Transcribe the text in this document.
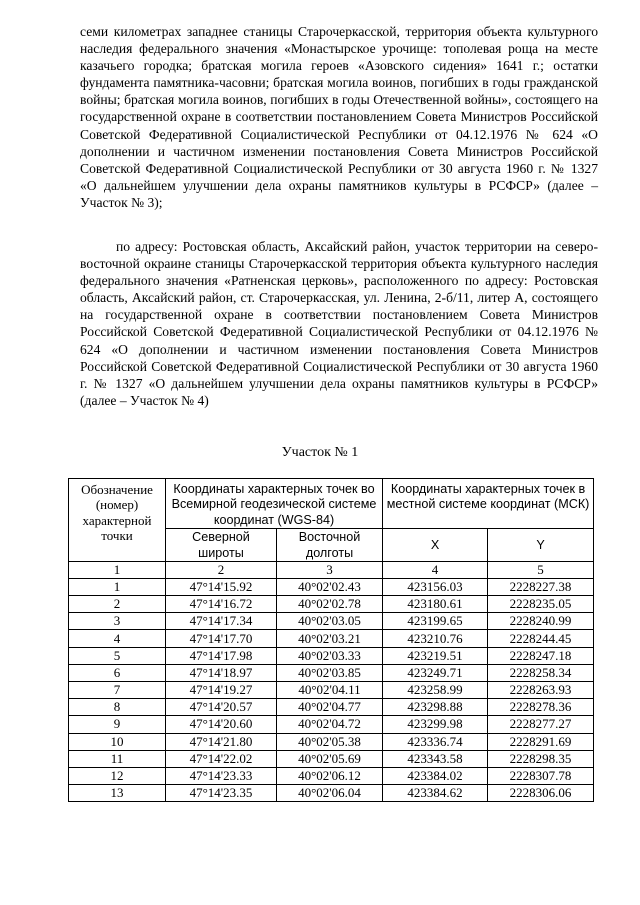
семи километрах западнее станицы Старочеркасской, территория объекта культурного наследия федерального значения «Монастырское урочище: тополевая роща на месте казачьего городка; братская могила героев «Азовского сидения» 1641 г.; остатки фундамента памятника-часовни; братская могила воинов, погибших в годы гражданской войны; братская могила воинов, погибших в годы Отечественной войны», состоящего на государственной охране в соответствии постановлением Совета Министров Российской Советской Федеративной Социалистической Республики от 04.12.1976 № 624 «О дополнении и частичном изменении постановления Совета Министров Российской Советской Федеративной Социалистической Республики от 30 августа 1960 г. № 1327 «О дальнейшем улучшении дела охраны памятников культуры в РСФСР» (далее – Участок № 3);

по адресу: Ростовская область, Аксайский район, участок территории на северо-восточной окраине станицы Старочеркасской территория объекта культурного наследия федерального значения «Ратненская церковь», расположенного по адресу: Ростовская область, Аксайский район, ст. Старочеркасская, ул. Ленина, 2-б/11, литер А, состоящего на государственной охране в соответствии постановлением Совета Министров Российской Советской Федеративной Социалистической Республики от 04.12.1976 № 624 «О дополнении и частичном изменении постановления Совета Министров Российской Советской Федеративной Социалистической Республики от 30 августа 1960 г. № 1327 «О дальнейшем улучшении дела охраны памятников культуры в РСФСР» (далее – Участок № 4)

Участок № 1

Обозначение (номер) характерной точки	Координаты характерных точек во Всемирной геодезической системе координат (WGS-84)		Координаты характерных точек в местной системе координат (МСК)	
	Северной широты	Восточной долготы	X	Y
1	2	3	4	5
1	47°14'15.92	40°02'02.43	423156.03	2228227.38
2	47°14'16.72	40°02'02.78	423180.61	2228235.05
3	47°14'17.34	40°02'03.05	423199.65	2228240.99
4	47°14'17.70	40°02'03.21	423210.76	2228244.45
5	47°14'17.98	40°02'03.33	423219.51	2228247.18
6	47°14'18.97	40°02'03.85	423249.71	2228258.34
7	47°14'19.27	40°02'04.11	423258.99	2228263.93
8	47°14'20.57	40°02'04.77	423298.88	2228278.36
9	47°14'20.60	40°02'04.72	423299.98	2228277.27
10	47°14'21.80	40°02'05.38	423336.74	2228291.69
11	47°14'22.02	40°02'05.69	423343.58	2228298.35
12	47°14'23.33	40°02'06.12	423384.02	2228307.78
13	47°14'23.35	40°02'06.04	423384.62	2228306.06
